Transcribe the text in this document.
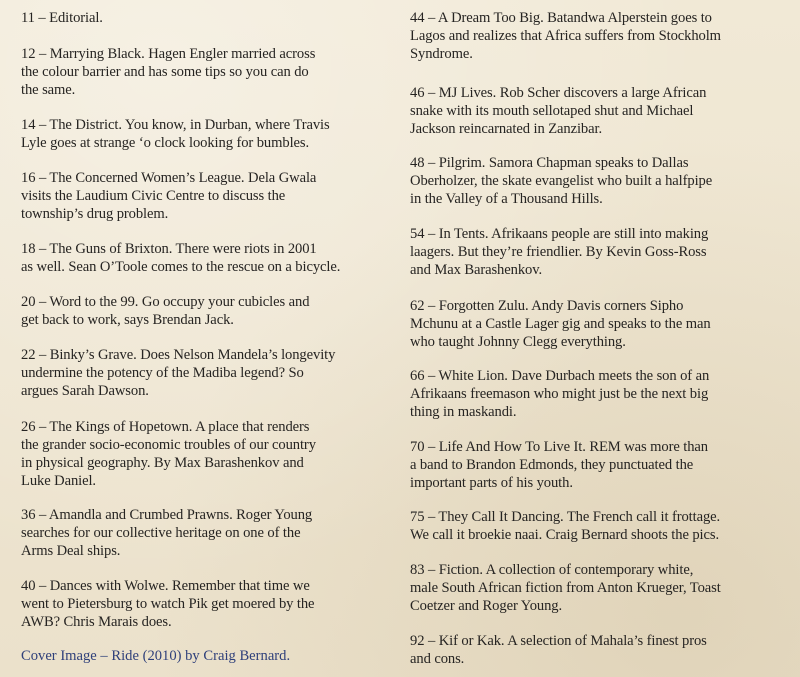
11 – Editorial.

12 – Marrying Black. Hagen Engler married across

the colour barrier and has some tips so you can do

the same.

14 – The District. You know, in Durban, where Travis

Lyle goes at strange ‘o clock looking for bumbles.

16 – The Concerned Women’s League. Dela Gwala

visits the Laudium Civic Centre to discuss the

township’s drug problem.

18 – The Guns of Brixton. There were riots in 2001

as well. Sean O’Toole comes to the rescue on a bicycle.

20 – Word to the 99. Go occupy your cubicles and

get back to work, says Brendan Jack.

22 – Binky’s Grave. Does Nelson Mandela’s longevity

undermine the potency of the Madiba legend? So

argues Sarah Dawson.

26 – The Kings of Hopetown. A place that renders

the grander socio-economic troubles of our country

in physical geography. By Max Barashenkov and

Luke Daniel.

36 – Amandla and Crumbed Prawns. Roger Young

searches for our collective heritage on one of the

Arms Deal ships.

40 – Dances with Wolwe. Remember that time we

went to Pietersburg to watch Pik get moered by the

AWB? Chris Marais does.

Cover Image – Ride (2010) by Craig Bernard.

44 – A Dream Too Big. Batandwa Alperstein goes to

Lagos and realizes that Africa suffers from Stockholm

Syndrome.

46 – MJ Lives. Rob Scher discovers a large African

snake with its mouth sellotaped shut and Michael

Jackson reincarnated in Zanzibar.

48 – Pilgrim. Samora Chapman speaks to Dallas

Oberholzer, the skate evangelist who built a halfpipe

in the Valley of a Thousand Hills.

54 – In Tents. Afrikaans people are still into making

laagers. But they’re friendlier. By Kevin Goss-Ross

and Max Barashenkov.

62 – Forgotten Zulu. Andy Davis corners Sipho

Mchunu at a Castle Lager gig and speaks to the man

who taught Johnny Clegg everything.

66 – White Lion. Dave Durbach meets the son of an

Afrikaans freemason who might just be the next big

thing in maskandi.

70 – Life And How To Live It. REM was more than

a band to Brandon Edmonds, they punctuated the

important parts of his youth.

75 – They Call It Dancing. The French call it frottage.

We call it broekie naai. Craig Bernard shoots the pics.

83 – Fiction. A collection of contemporary white,

male South African fiction from Anton Krueger, Toast

Coetzer and Roger Young.

92 – Kif or Kak. A selection of Mahala’s finest pros

and cons.
